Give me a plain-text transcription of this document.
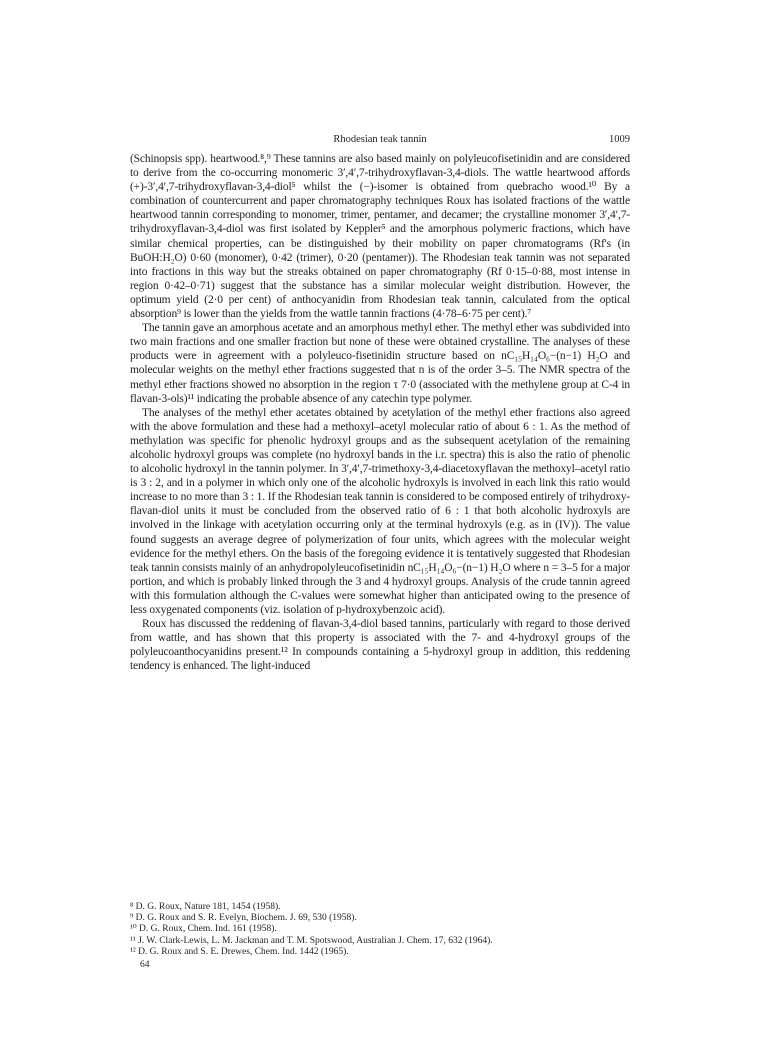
Rhodesian teak tannin	1009

(Schinopsis spp). heartwood.⁸,⁹ These tannins are also based mainly on polyleucofisetinidin and are considered to derive from the co-occurring monomeric 3′,4′,7-trihydroxyflavan-3,4-diols. The wattle heartwood affords (+)-3′,4′,7-trihydroxyflavan-3,4-diol⁵ whilst the (−)-isomer is obtained from quebracho wood.¹⁰ By a combination of countercurrent and paper chromatography techniques Roux has isolated fractions of the wattle heartwood tannin corresponding to monomer, trimer, pentamer, and decamer; the crystalline monomer 3′,4′,7-trihydroxyflavan-3,4-diol was first isolated by Keppler⁵ and the amorphous polymeric fractions, which have similar chemical properties, can be distinguished by their mobility on paper chromatograms (Rf's (in BuOH:H₂O) 0·60 (monomer), 0·42 (trimer), 0·20 (pentamer)). The Rhodesian teak tannin was not separated into fractions in this way but the streaks obtained on paper chromatography (Rf 0·15–0·88, most intense in region 0·42–0·71) suggest that the substance has a similar molecular weight distribution. However, the optimum yield (2·0 per cent) of anthocyanidin from Rhodesian teak tannin, calculated from the optical absorption⁹ is lower than the yields from the wattle tannin fractions (4·78–6·75 per cent).⁷

The tannin gave an amorphous acetate and an amorphous methyl ether. The methyl ether was subdivided into two main fractions and one smaller fraction but none of these were obtained crystalline. The analyses of these products were in agreement with a polyleuco-fisetinidin structure based on nC₁₅H₁₄O₆−(n−1) H₂O and molecular weights on the methyl ether fractions suggested that n is of the order 3–5. The NMR spectra of the methyl ether fractions showed no absorption in the region τ 7·0 (associated with the methylene group at C-4 in flavan-3-ols)¹¹ indicating the probable absence of any catechin type polymer.

The analyses of the methyl ether acetates obtained by acetylation of the methyl ether fractions also agreed with the above formulation and these had a methoxyl–acetyl molecular ratio of about 6 : 1. As the method of methylation was specific for phenolic hydroxyl groups and as the subsequent acetylation of the remaining alcoholic hydroxyl groups was complete (no hydroxyl bands in the i.r. spectra) this is also the ratio of phenolic to alcoholic hydroxyl in the tannin polymer. In 3′,4′,7-trimethoxy-3,4-diacetoxyflavan the methoxyl–acetyl ratio is 3 : 2, and in a polymer in which only one of the alcoholic hydroxyls is involved in each link this ratio would increase to no more than 3 : 1. If the Rhodesian teak tannin is considered to be composed entirely of trihydroxy-flavan-diol units it must be concluded from the observed ratio of 6 : 1 that both alcoholic hydroxyls are involved in the linkage with acetylation occurring only at the terminal hydroxyls (e.g. as in (IV)). The value found suggests an average degree of polymerization of four units, which agrees with the molecular weight evidence for the methyl ethers. On the basis of the foregoing evidence it is tentatively suggested that Rhodesian teak tannin consists mainly of an anhydropolyleucofisetinidin nC₁₅H₁₄O₆−(n−1) H₂O where n = 3–5 for a major portion, and which is probably linked through the 3 and 4 hydroxyl groups. Analysis of the crude tannin agreed with this formulation although the C-values were somewhat higher than anticipated owing to the presence of less oxygenated components (viz. isolation of p-hydroxybenzoic acid).

Roux has discussed the reddening of flavan-3,4-diol based tannins, particularly with regard to those derived from wattle, and has shown that this property is associated with the 7- and 4-hydroxyl groups of the polyleucoanthocyanidins present.¹² In compounds containing a 5-hydroxyl group in addition, this reddening tendency is enhanced. The light-induced

⁸ D. G. Roux, Nature 181, 1454 (1958).

⁹ D. G. Roux and S. R. Evelyn, Biochem. J. 69, 530 (1958).

¹⁰ D. G. Roux, Chem. Ind. 161 (1958).

¹¹ J. W. Clark-Lewis, L. M. Jackman and T. M. Spotswood, Australian J. Chem. 17, 632 (1964).

¹² D. G. Roux and S. E. Drewes, Chem. Ind. 1442 (1965).

64
